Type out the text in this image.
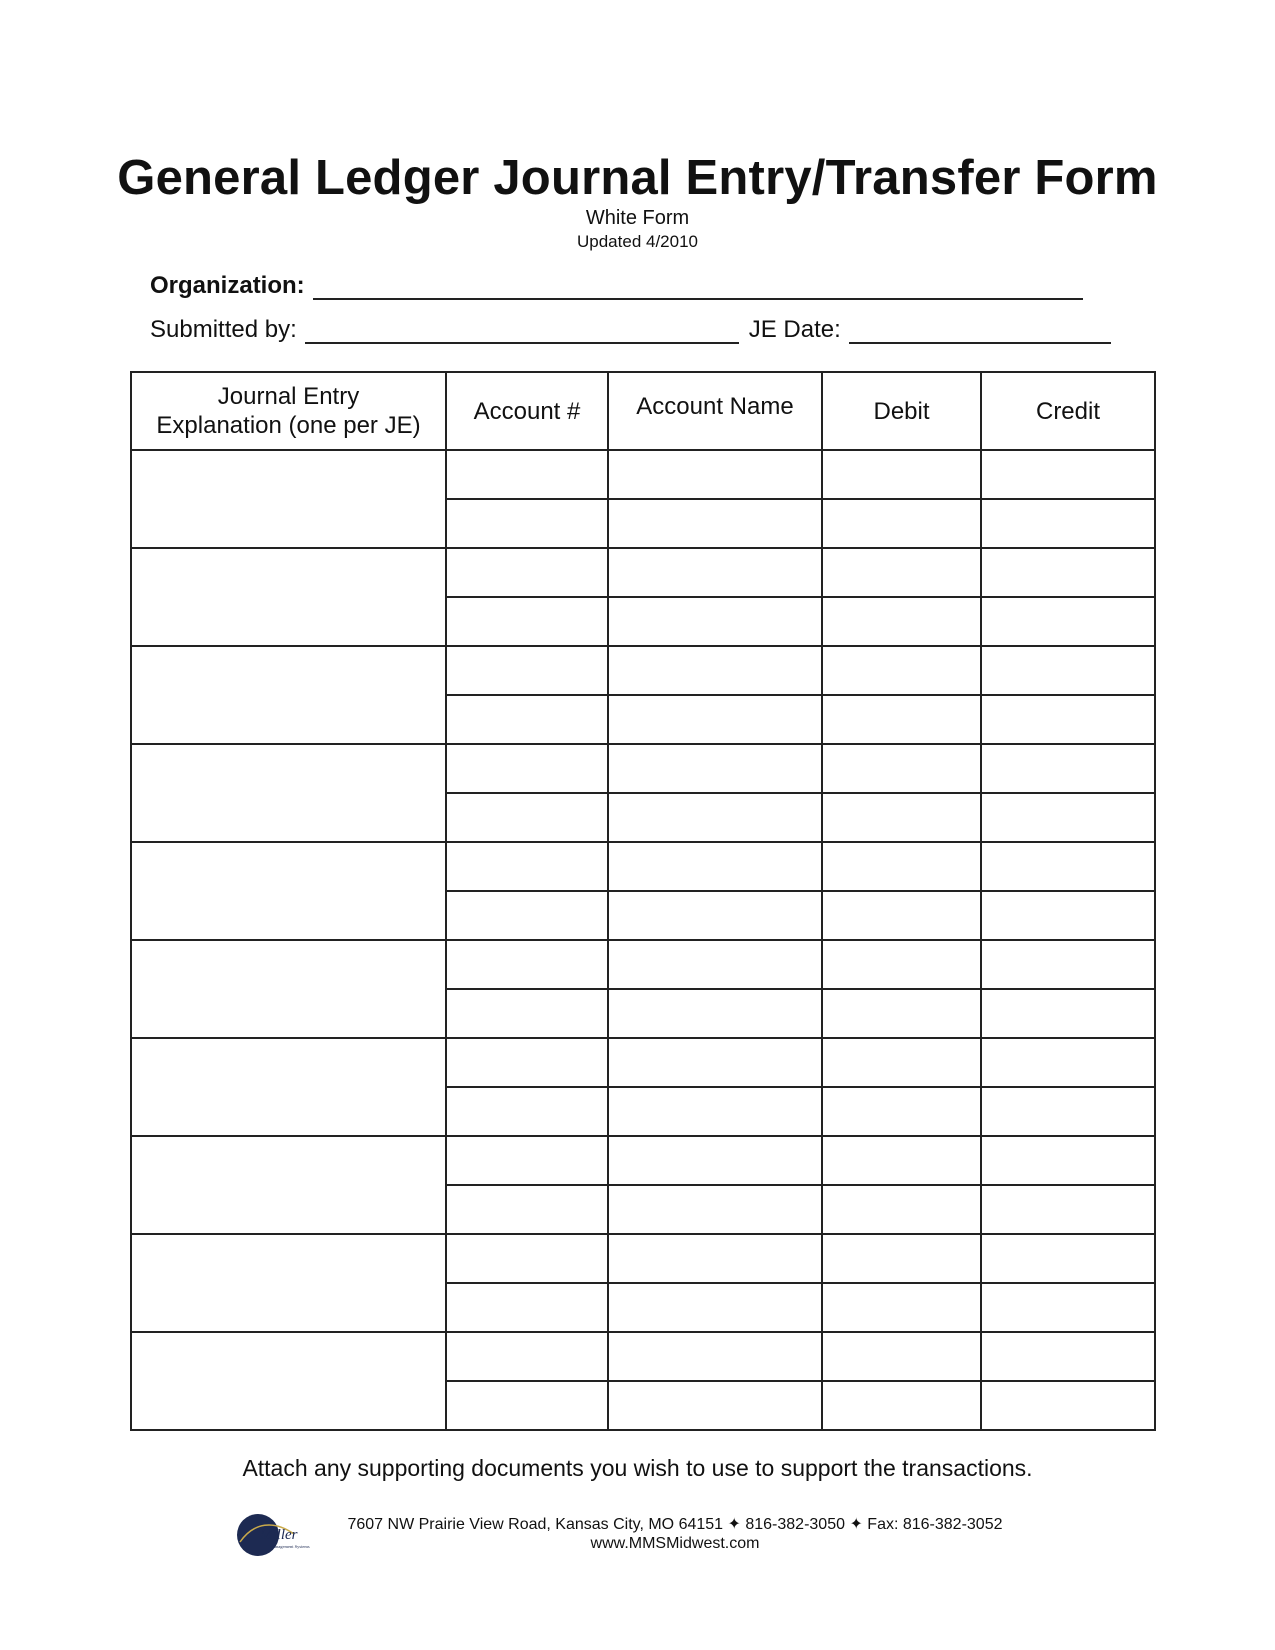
General Ledger Journal Entry/Transfer Form
White Form
Updated 4/2010
Organization:
Submitted by:	JE Date:
Journal Entry Explanation (one per JE)	Account #	Account Name	Debit	Credit

Attach any supporting documents you wish to use to support the transactions.
Miller
Management Systems
7607 NW Prairie View Road, Kansas City, MO 64151 ✦ 816-382-3050 ✦ Fax: 816-382-3052
www.MMSMidwest.com
